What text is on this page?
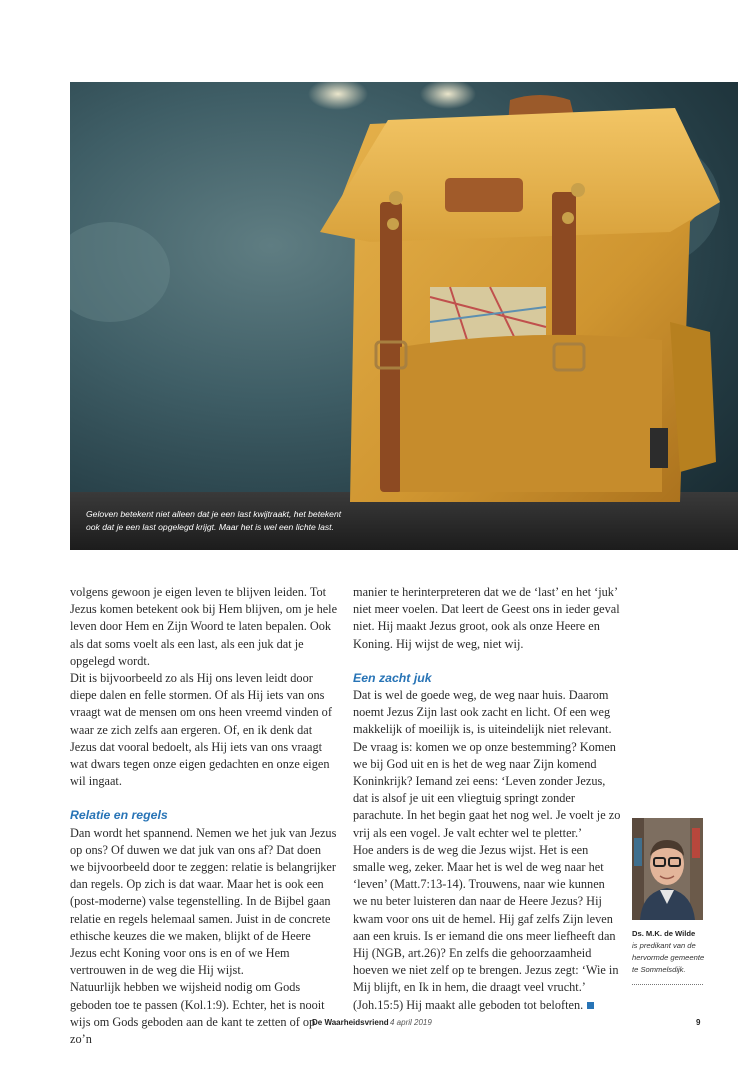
Geloven betekent niet alleen dat je een last kwijtraakt, het betekent ook dat je een last opgelegd krijgt. Maar het is wel een lichte last.

volgens gewoon je eigen leven te blijven leiden. Tot Jezus komen betekent ook bij Hem blijven, om je hele leven door Hem en Zijn Woord te laten bepalen. Ook als dat soms voelt als een last, als een juk dat je opgelegd wordt.

Dit is bijvoorbeeld zo als Hij ons leven leidt door diepe dalen en felle stormen. Of als Hij iets van ons vraagt wat de mensen om ons heen vreemd vinden of waar ze zich zelfs aan ergeren. Of, en ik denk dat Jezus dat vooral bedoelt, als Hij iets van ons vraagt wat dwars tegen onze eigen gedachten en onze eigen wil ingaat.

Relatie en regels

Dan wordt het spannend. Nemen we het juk van Jezus op ons? Of duwen we dat juk van ons af? Dat doen we bijvoorbeeld door te zeggen: relatie is belangrijker dan regels. Op zich is dat waar. Maar het is ook een (post-moderne) valse tegenstelling. In de Bijbel gaan relatie en regels helemaal samen. Juist in de concrete ethische keuzes die we maken, blijkt of de Heere Jezus echt Koning voor ons is en of we Hem vertrouwen in de weg die Hij wijst.

Natuurlijk hebben we wijsheid nodig om Gods geboden toe te passen (Kol.1:9). Echter, het is nooit wijs om Gods geboden aan de kant te zetten of op zo’n

manier te herinterpreteren dat we de ‘last’ en het ‘juk’ niet meer voelen. Dat leert de Geest ons in ieder geval niet. Hij maakt Jezus groot, ook als onze Heere en Koning. Hij wijst de weg, niet wij.

Een zacht juk

Dat is wel de goede weg, de weg naar huis. Daarom noemt Jezus Zijn last ook zacht en licht. Of een weg makkelijk of moeilijk is, is uiteindelijk niet relevant. De vraag is: komen we op onze bestemming? Komen we bij God uit en is het de weg naar Zijn komend Koninkrijk? Iemand zei eens: ‘Leven zonder Jezus, dat is alsof je uit een vliegtuig springt zonder parachute. In het begin gaat het nog wel. Je voelt je zo vrij als een vogel. Je valt echter wel te pletter.’

Hoe anders is de weg die Jezus wijst. Het is een smalle weg, zeker. Maar het is wel de weg naar het ‘leven’ (Matt.7:13-14). Trouwens, naar wie kunnen we nu beter luisteren dan naar de Heere Jezus? Hij kwam voor ons uit de hemel. Hij gaf zelfs Zijn leven aan een kruis. Is er iemand die ons meer liefheeft dan Hij (NGB, art.26)? En zelfs die gehoorzaamheid hoeven we niet zelf op te brengen. Jezus zegt: ‘Wie in Mij blijft, en Ik in hem, die draagt veel vrucht.’ (Joh.15:5) Hij maakt alle geboden tot beloften.

Ds. M.K. de Wilde
is predikant van de
hervormde gemeente
te Sommelsdijk.
De Waarheidsvriend 4 april 2019	9
